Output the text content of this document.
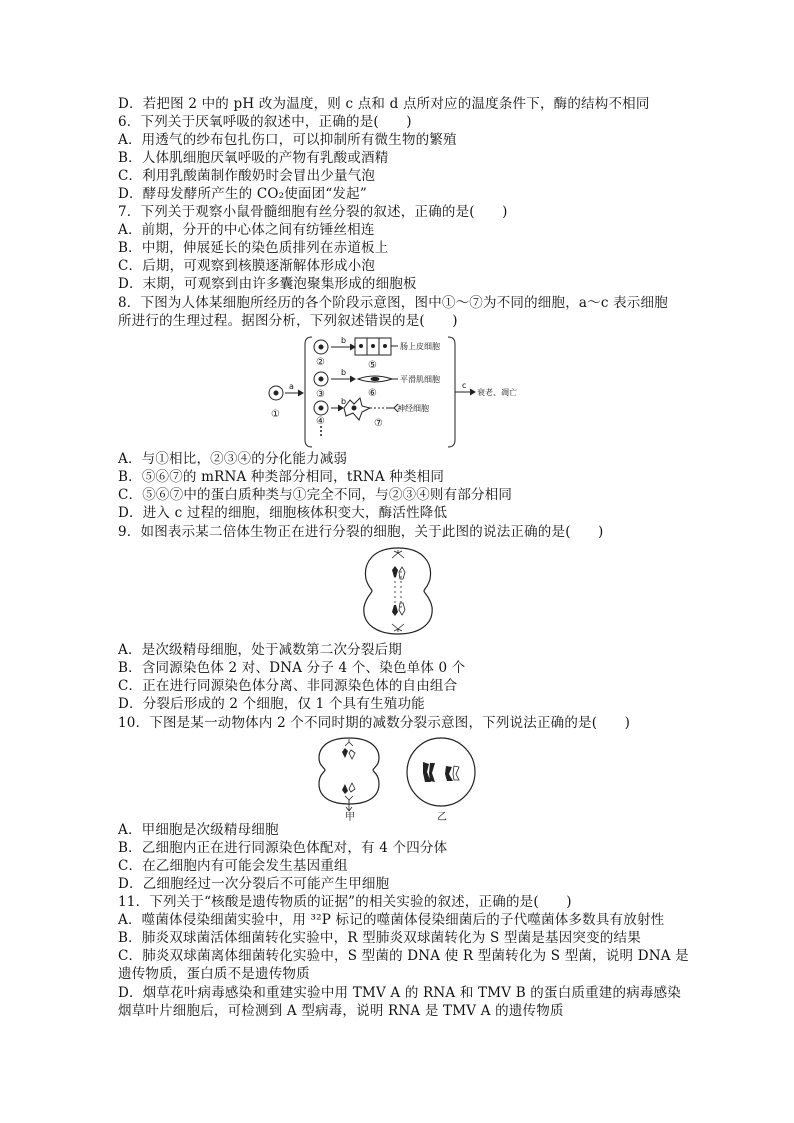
D．若把图 2 中的 pH 改为温度，则 c 点和 d 点所对应的温度条件下，酶的结构不相同
6．下列关于厌氧呼吸的叙述中，正确的是(　　)
A．用透气的纱布包扎伤口，可以抑制所有微生物的繁殖
B．人体肌细胞厌氧呼吸的产物有乳酸或酒精
C．利用乳酸菌制作酸奶时会冒出少量气泡
D．酵母发酵所产生的 CO₂使面团“发起”
7．下列关于观察小鼠骨髓细胞有丝分裂的叙述，正确的是(　　)
A．前期，分开的中心体之间有纺锤丝相连
B．中期，伸展延长的染色质排列在赤道板上
C．后期，可观察到核膜逐渐解体形成小泡
D．末期，可观察到由许多囊泡聚集形成的细胞板
8．下图为人体某细胞所经历的各个阶段示意图，图中①～⑦为不同的细胞，a～c 表示细胞
所进行的生理过程。据图分析，下列叙述错误的是(　　)
a
b
b
b
c
①
②
③
④
⑤
⑥
⑦
肠上皮细胞
平滑肌细胞
神经细胞
衰老、凋亡
A．与①相比，②③④的分化能力减弱
B．⑤⑥⑦的 mRNA 种类部分相同，tRNA 种类相同
C．⑤⑥⑦中的蛋白质种类与①完全不同，与②③④则有部分相同
D．进入 c 过程的细胞，细胞核体积变大，酶活性降低
9．如图表示某二倍体生物正在进行分裂的细胞，关于此图的说法正确的是(　　)
A．是次级精母细胞，处于减数第二次分裂后期
B．含同源染色体 2 对、DNA 分子 4 个、染色单体 0 个
C．正在进行同源染色体分离、非同源染色体的自由组合
D．分裂后形成的 2 个细胞，仅 1 个具有生殖功能
10．下图是某一动物体内 2 个不同时期的减数分裂示意图，下列说法正确的是(　　)
甲	乙
A．甲细胞是次级精母细胞
B．乙细胞内正在进行同源染色体配对，有 4 个四分体
C．在乙细胞内有可能会发生基因重组
D．乙细胞经过一次分裂后不可能产生甲细胞
11．下列关于“核酸是遗传物质的证据”的相关实验的叙述，正确的是(　　)
A．噬菌体侵染细菌实验中，用 ³²P 标记的噬菌体侵染细菌后的子代噬菌体多数具有放射性
B．肺炎双球菌活体细菌转化实验中，R 型肺炎双球菌转化为 S 型菌是基因突变的结果
C．肺炎双球菌离体细菌转化实验中，S 型菌的 DNA 使 R 型菌转化为 S 型菌，说明 DNA 是
遗传物质，蛋白质不是遗传物质
D．烟草花叶病毒感染和重建实验中用 TMV A 的 RNA 和 TMV B 的蛋白质重建的病毒感染
烟草叶片细胞后，可检测到 A 型病毒，说明 RNA 是 TMV A 的遗传物质
